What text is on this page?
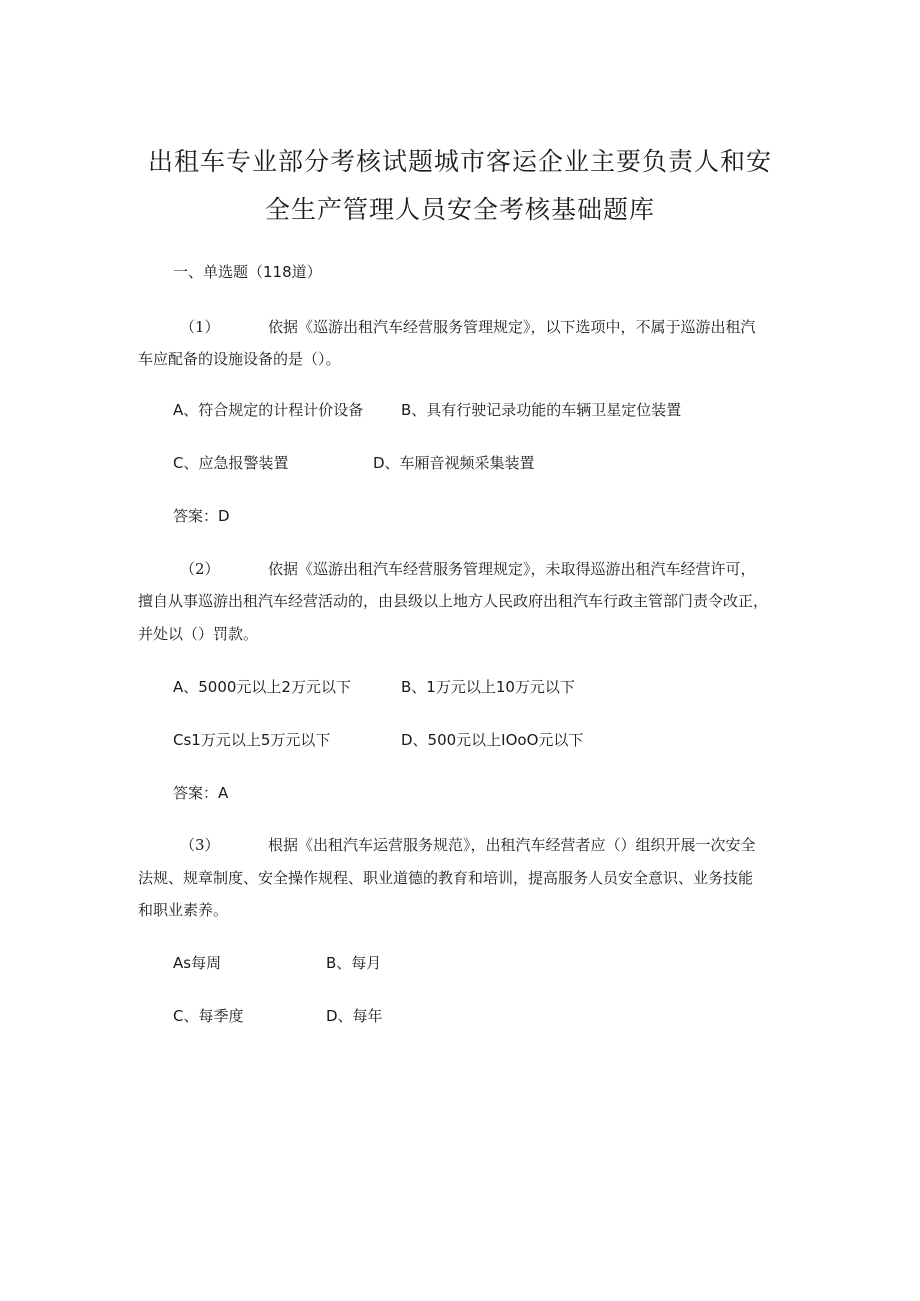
出租车专业部分考核试题城市客运企业主要负责人和安
全生产管理人员安全考核基础题库
一、单选题（118道）
（1）	依据《巡游出租汽车经营服务管理规定》，以下选项中，不属于巡游出租汽
车应配备的设施设备的是（）。
A、符合规定的计程计价设备	B、具有行驶记录功能的车辆卫星定位装置
C、应急报警装置	D、车厢音视频采集装置
答案：D
（2）	依据《巡游出租汽车经营服务管理规定》，未取得巡游出租汽车经营许可，
擅自从事巡游出租汽车经营活动的，由县级以上地方人民政府出租汽车行政主管部门责令改正，
并处以（）罚款。
A、5000元以上2万元以下	B、1万元以上10万元以下
Cs1万元以上5万元以下	D、500元以上IOoO元以下
答案：A
（3）	根据《出租汽车运营服务规范》，出租汽车经营者应（）组织开展一次安全
法规、规章制度、安全操作规程、职业道德的教育和培训，提高服务人员安全意识、业务技能
和职业素养。
As每周	B、每月
C、每季度	D、每年
